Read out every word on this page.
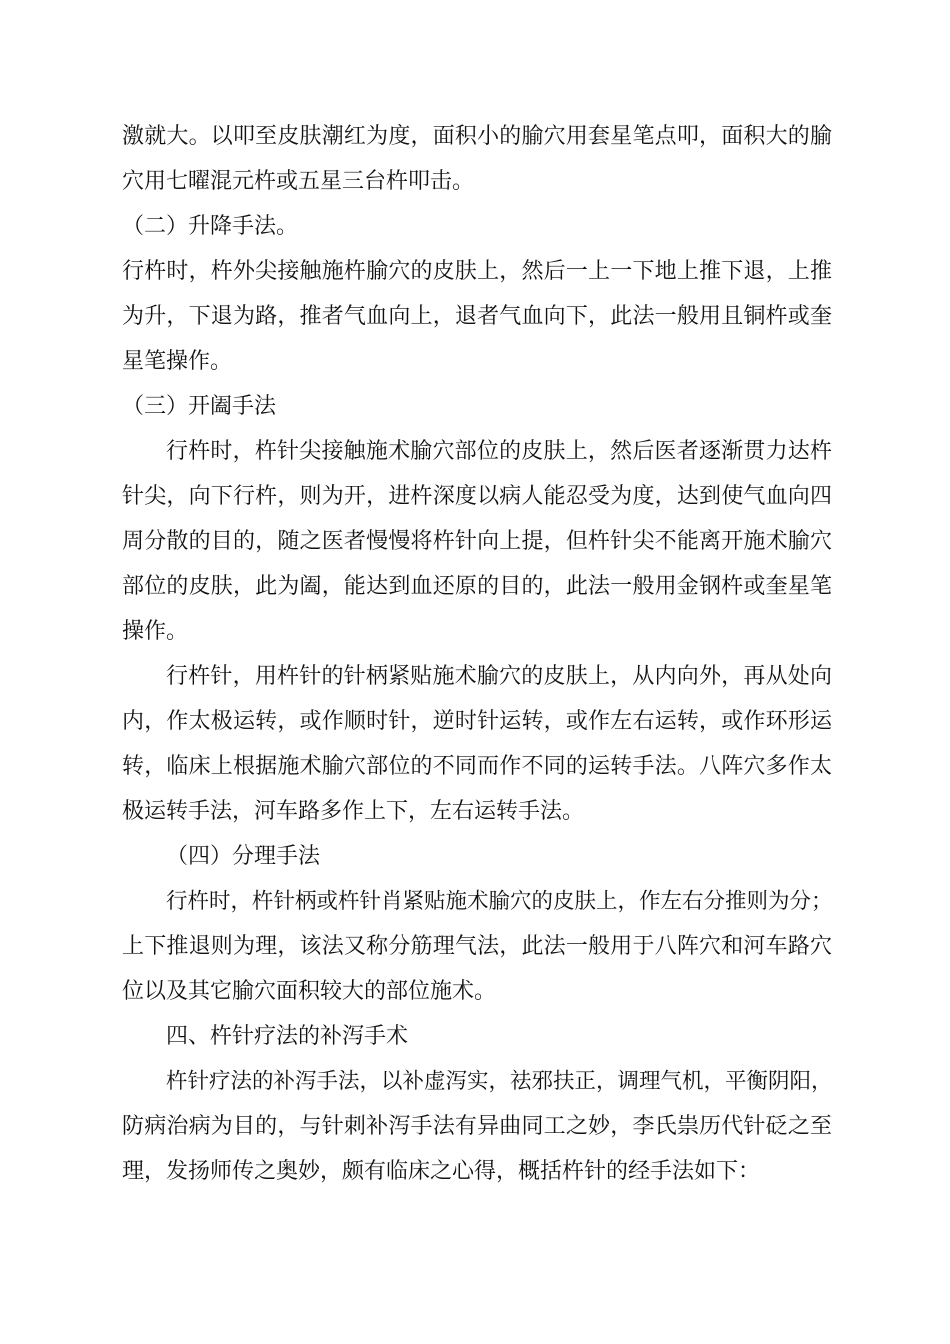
激就大。以叩至皮肤潮红为度，面积小的腧穴用套星笔点叩，面积大的腧
穴用七曜混元杵或五星三台杵叩击。
（二）升降手法。
行杵时，杵外尖接触施杵腧穴的皮肤上，然后一上一下地上推下退，上推
为升，下退为路，推者气血向上，退者气血向下，此法一般用且铜杵或奎
星笔操作。
（三）开阖手法
行杵时，杵针尖接触施术腧穴部位的皮肤上，然后医者逐渐贯力达杵
针尖，向下行杵，则为开，进杵深度以病人能忍受为度，达到使气血向四
周分散的目的，随之医者慢慢将杵针向上提，但杵针尖不能离开施术腧穴
部位的皮肤，此为阖，能达到血还原的目的，此法一般用金钢杵或奎星笔
操作。
行杵针，用杵针的针柄紧贴施术腧穴的皮肤上，从内向外，再从处向
内，作太极运转，或作顺时针，逆时针运转，或作左右运转，或作环形运
转，临床上根据施术腧穴部位的不同而作不同的运转手法。八阵穴多作太
极运转手法，河车路多作上下，左右运转手法。
（四）分理手法
行杵时，杵针柄或杵针肖紧贴施术腧穴的皮肤上，作左右分推则为分；
上下推退则为理，该法又称分筋理气法，此法一般用于八阵穴和河车路穴
位以及其它腧穴面积较大的部位施术。
四、杵针疗法的补泻手术
杵针疗法的补泻手法，以补虚泻实，祛邪扶正，调理气机，平衡阴阳，
防病治病为目的，与针刺补泻手法有异曲同工之妙，李氏祟历代针砭之至
理，发扬师传之奥妙，颇有临床之心得，概括杵针的经手法如下：
